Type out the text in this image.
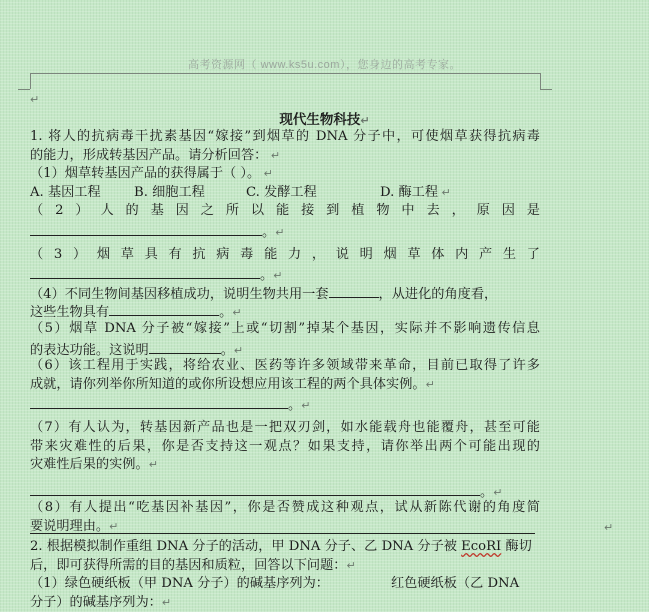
高考资源网（ www.ks5u.com），您身边的高考专家。
↵
现代生物科技↵
1. 将人的抗病毒干扰素基因“嫁接”到烟草的 DNA 分子中，可使烟草获得抗病毒
的能力，形成转基因产品。请分析回答： ↵
（1）烟草转基因产品的获得属于（ ）。 ↵
A. 基因工程	B. 细胞工程	C. 发酵工程	D. 酶工程 ↵
（2）人的基因之所以能接到植物中去，原因是
。↵
（3）烟草具有抗病毒能力，说明烟草体内产生了
。↵
（4）不同生物间基因移植成功，说明生物共用一套	，从进化的角度看，
这些生物具有	。↵
（5）烟草 DNA 分子被“嫁接”上或“切割”掉某个基因，实际并不影响遗传信息
的表达功能。这说明	。↵
（6）该工程用于实践，将给农业、医药等许多领域带来革命，目前已取得了许多
成就，请你列举你所知道的或你所设想应用该工程的两个具体实例。↵
。↵
（7）有人认为，转基因新产品也是一把双刃剑，如水能载舟也能覆舟，甚至可能
带来灾难性的后果，你是否支持这一观点？如果支持，请你举出两个可能出现的
灾难性后果的实例。↵
。↵
（8）有人提出“吃基因补基因”，你是否赞成这种观点，试从新陈代谢的角度简
要说明理由。↵	↵
2. 根据模拟制作重组 DNA 分子的活动，甲 DNA 分子、乙 DNA 分子被 EcoRI 酶切
后，即可获得所需的目的基因和质粒，回答以下问题：↵
（1）绿色硬纸板（甲 DNA 分子）的碱基序列为：	红色硬纸板（乙 DNA
分子）的碱基序列为：↵
